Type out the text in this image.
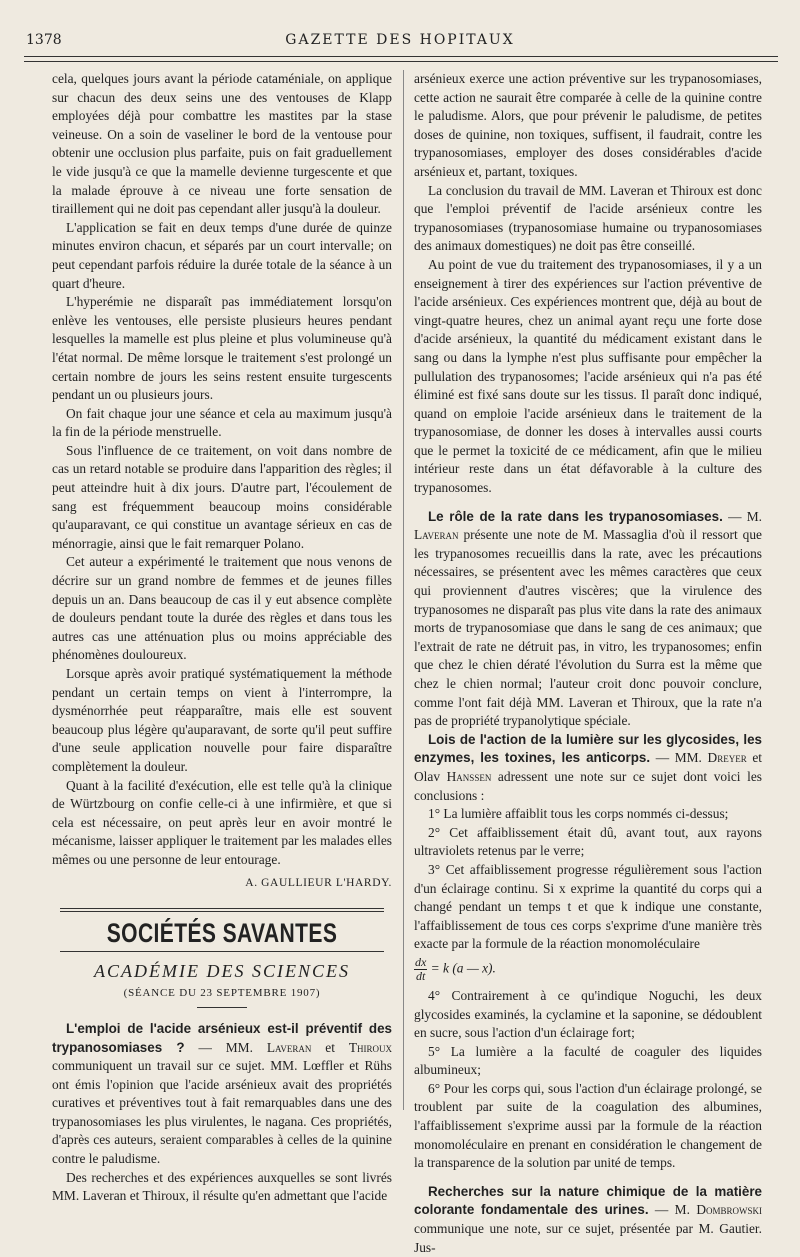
1378	GAZETTE DES HOPITAUX

cela, quelques jours avant la période cataméniale, on applique sur chacun des deux seins une des ventouses de Klapp employées déjà pour combattre les mastites par la stase veineuse. On a soin de vaseliner le bord de la ventouse pour obtenir une occlusion plus parfaite, puis on fait graduellement le vide jusqu'à ce que la mamelle devienne turgescente et que la malade éprouve à ce niveau une forte sensation de tiraillement qui ne doit pas cependant aller jusqu'à la douleur.

L'application se fait en deux temps d'une durée de quinze minutes environ chacun, et séparés par un court intervalle; on peut cependant parfois réduire la durée totale de la séance à un quart d'heure.

L'hyperémie ne disparaît pas immédiatement lorsqu'on enlève les ventouses, elle persiste plusieurs heures pendant lesquelles la mamelle est plus pleine et plus volumineuse qu'à l'état normal. De même lorsque le traitement s'est prolongé un certain nombre de jours les seins restent ensuite turgescents pendant un ou plusieurs jours.

On fait chaque jour une séance et cela au maximum jusqu'à la fin de la période menstruelle.

Sous l'influence de ce traitement, on voit dans nombre de cas un retard notable se produire dans l'apparition des règles; il peut atteindre huit à dix jours. D'autre part, l'écoulement de sang est fréquemment beaucoup moins considérable qu'auparavant, ce qui constitue un avantage sérieux en cas de ménorragie, ainsi que le fait remarquer Polano.

Cet auteur a expérimenté le traitement que nous venons de décrire sur un grand nombre de femmes et de jeunes filles depuis un an. Dans beaucoup de cas il y eut absence complète de douleurs pendant toute la durée des règles et dans tous les autres cas une atténuation plus ou moins appréciable des phénomènes douloureux.

Lorsque après avoir pratiqué systématiquement la méthode pendant un certain temps on vient à l'interrompre, la dysménorrhée peut réapparaître, mais elle est souvent beaucoup plus légère qu'auparavant, de sorte qu'il peut suffire d'une seule application nouvelle pour faire disparaître complètement la douleur.

Quant à la facilité d'exécution, elle est telle qu'à la clinique de Würtzbourg on confie celle-ci à une infirmière, et que si cela est nécessaire, on peut après leur en avoir montré le mécanisme, laisser appliquer le traitement par les malades elles mêmes ou une personne de leur entourage.

A. GAULLIEUR L'HARDY.
SOCIÉTÉS SAVANTES
ACADÉMIE DES SCIENCES
(SÉANCE DU 23 SEPTEMBRE 1907)

L'emploi de l'acide arsénieux est-il préventif des trypanosomiases ? — MM. Laveran et Thiroux communiquent un travail sur ce sujet. MM. Lœffler et Rühs ont émis l'opinion que l'acide arsénieux avait des propriétés curatives et préventives tout à fait remarquables dans une des trypanosomiases les plus virulentes, le nagana. Ces propriétés, d'après ces auteurs, seraient comparables à celles de la quinine contre le paludisme.

Des recherches et des expériences auxquelles se sont livrés MM. Laveran et Thiroux, il résulte qu'en admettant que l'acide

arsénieux exerce une action préventive sur les trypanosomiases, cette action ne saurait être comparée à celle de la quinine contre le paludisme. Alors, que pour prévenir le paludisme, de petites doses de quinine, non toxiques, suffisent, il faudrait, contre les trypanosomiases, employer des doses considérables d'acide arsénieux et, partant, toxiques.

La conclusion du travail de MM. Laveran et Thiroux est donc que l'emploi préventif de l'acide arsénieux contre les trypanosomiases (trypanosomiase humaine ou trypanosomiases des animaux domestiques) ne doit pas être conseillé.

Au point de vue du traitement des trypanosomiases, il y a un enseignement à tirer des expériences sur l'action préventive de l'acide arsénieux. Ces expériences montrent que, déjà au bout de vingt-quatre heures, chez un animal ayant reçu une forte dose d'acide arsénieux, la quantité du médicament existant dans le sang ou dans la lymphe n'est plus suffisante pour empêcher la pullulation des trypanosomes; l'acide arsénieux qui n'a pas été éliminé est fixé sans doute sur les tissus. Il paraît donc indiqué, quand on emploie l'acide arsénieux dans le traitement de la trypanosomiase, de donner les doses à intervalles aussi courts que le permet la toxicité de ce médicament, afin que le milieu intérieur reste dans un état défavorable à la culture des trypanosomes.

Le rôle de la rate dans les trypanosomiases. — M. Laveran présente une note de M. Massaglia d'où il ressort que les trypanosomes recueillis dans la rate, avec les précautions nécessaires, se présentent avec les mêmes caractères que ceux qui proviennent d'autres viscères; que la virulence des trypanosomes ne disparaît pas plus vite dans la rate des animaux morts de trypanosomiase que dans le sang de ces animaux; que l'extrait de rate ne détruit pas, in vitro, les trypanosomes; enfin que chez le chien dératé l'évolution du Surra est la même que chez le chien normal; l'auteur croit donc pouvoir conclure, comme l'ont fait déjà MM. Laveran et Thiroux, que la rate n'a pas de propriété trypanolytique spéciale.

Lois de l'action de la lumière sur les glycosides, les enzymes, les toxines, les anticorps. — MM. Dreyer et Olav Hanssen adressent une note sur ce sujet dont voici les conclusions :

1° La lumière affaiblit tous les corps nommés ci-dessus;

2° Cet affaiblissement était dû, avant tout, aux rayons ultraviolets retenus par le verre;

3° Cet affaiblissement progresse régulièrement sous l'action d'un éclairage continu. Si x exprime la quantité du corps qui a changé pendant un temps t et que k indique une constante, l'affaiblissement de tous ces corps s'exprime d'une manière très exacte par la formule de la réaction monomoléculaire

$\frac{dx}{dt} = k$ (a — x).

4° Contrairement à ce qu'indique Noguchi, les deux glycosides examinés, la cyclamine et la saponine, se dédoublent en sucre, sous l'action d'un éclairage fort;

5° La lumière a la faculté de coaguler des liquides albumineux;

6° Pour les corps qui, sous l'action d'un éclairage prolongé, se troublent par suite de la coagulation des albumines, l'affaiblissement s'exprime aussi par la formule de la réaction monomoléculaire en prenant en considération le changement de la transparence de la solution par unité de temps.

Recherches sur la nature chimique de la matière colorante fondamentale des urines. — M. Dombrowski communique une note, sur ce sujet, présentée par M. Gautier. Jus-
